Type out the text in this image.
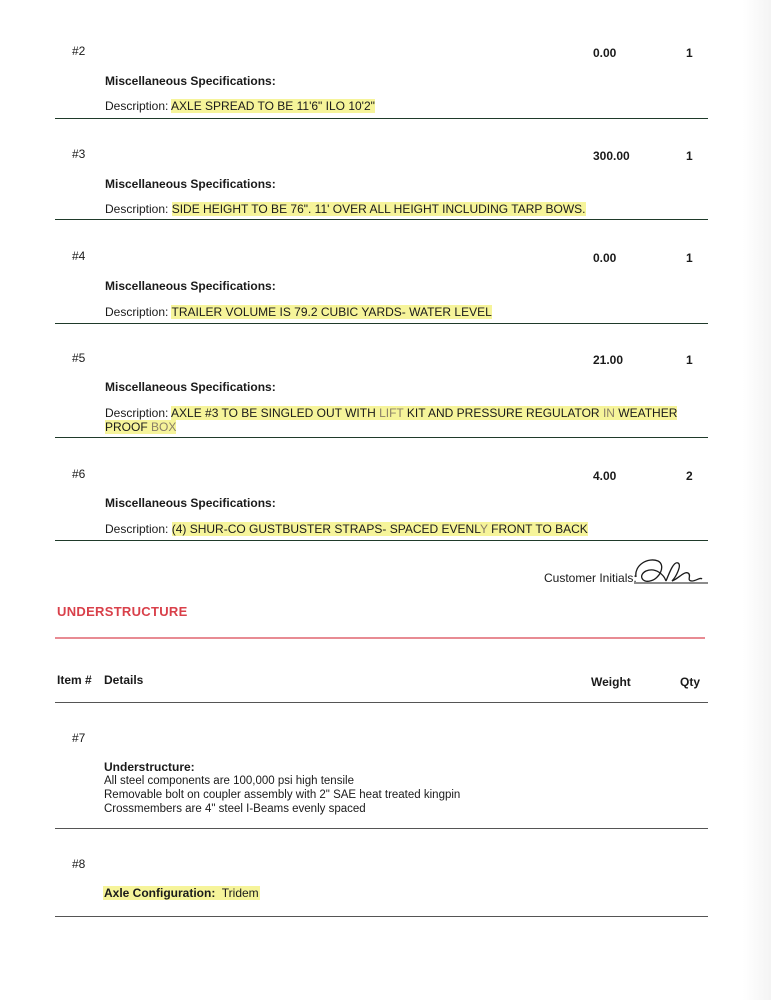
#2	0.00	1
Miscellaneous Specifications:
Description: AXLE SPREAD TO BE 11'6" ILO 10'2"
#3	300.00	1
Miscellaneous Specifications:
Description: SIDE HEIGHT TO BE 76". 11' OVER ALL HEIGHT INCLUDING TARP BOWS.
#4	0.00	1
Miscellaneous Specifications:
Description: TRAILER VOLUME IS 79.2 CUBIC YARDS- WATER LEVEL
#5	21.00	1
Miscellaneous Specifications:
Description: AXLE #3 TO BE SINGLED OUT WITH LIFT KIT AND PRESSURE REGULATOR IN WEATHER
PROOF BOX
#6	4.00	2
Miscellaneous Specifications:
Description: (4) SHUR-CO GUSTBUSTER STRAPS- SPACED EVENLY FRONT TO BACK
Customer Initials:
UNDERSTRUCTURE
Item # Details	Weight	Qty
#7
Understructure:
All steel components are 100,000 psi high tensile
Removable bolt on coupler assembly with 2" SAE heat treated kingpin
Crossmembers are 4" steel I-Beams evenly spaced
#8
Axle Configuration: Tridem
